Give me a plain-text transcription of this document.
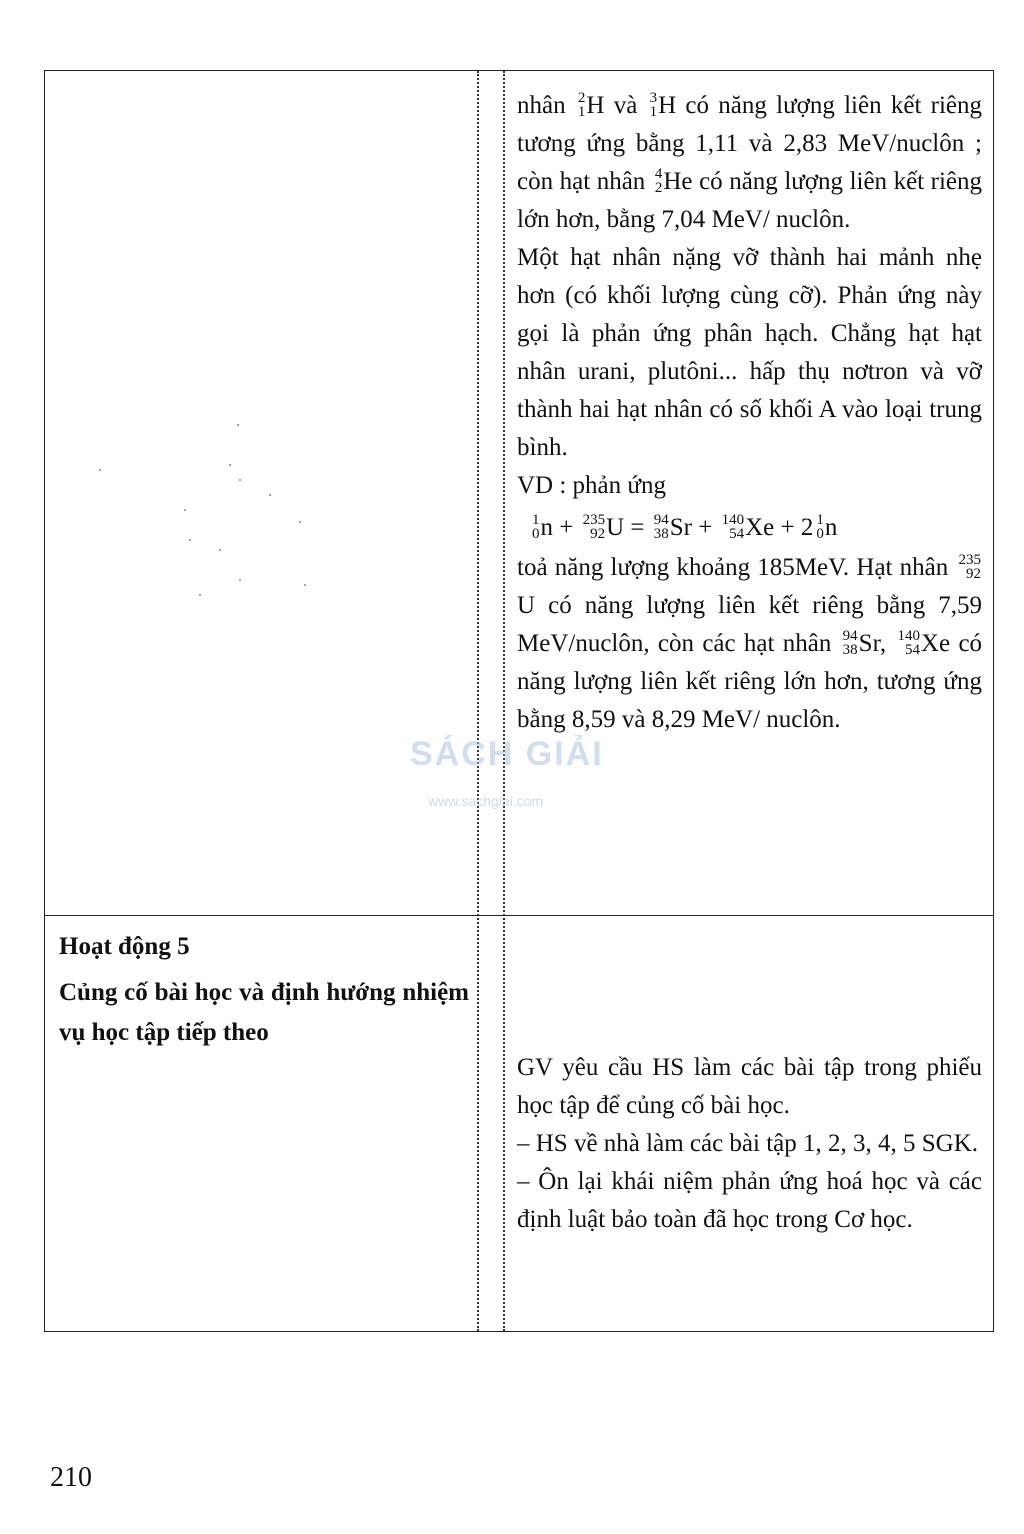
nhân 2
1 H và 3
1 H có năng lượng liên kết riêng tương ứng bằng 1,11 và 2,83 MeV/nuclôn ; còn hạt nhân 4
2 He có năng lượng liên kết riêng lớn hơn, bằng 7,04 MeV/ nuclôn.

Một hạt nhân nặng vỡ thành hai mảnh nhẹ hơn (có khối lượng cùng cỡ). Phản ứng này gọi là phản ứng phân hạch. Chẳng hạt hạt nhân urani, plutôni... hấp thụ nơtron và vỡ thành hai hạt nhân có số khối A vào loại trung bình.

VD : phản ứng

1
0 n + 235
92 U = 94
38 Sr + 140
54 Xe + 2 1
0 n

toả năng lượng khoảng 185MeV. Hạt nhân 235
92
U có năng lượng liên kết riêng bằng 7,59 MeV/nuclôn, còn các hạt nhân 94
38 Sr, 140
54 Xe có năng lượng liên kết riêng lớn hơn, tương ứng bằng 8,59 và 8,29 MeV/ nuclôn.

Hoạt động 5

Củng cố bài học và định hướng nhiệm vụ học tập tiếp theo

GV yêu cầu HS làm các bài tập trong phiếu học tập để củng cố bài học.

– HS về nhà làm các bài tập 1, 2, 3, 4, 5 SGK.

– Ôn lại khái niệm phản ứng hoá học và các định luật bảo toàn đã học trong Cơ học.

SÁCH GIẢI
www.sachgiai.com
210
